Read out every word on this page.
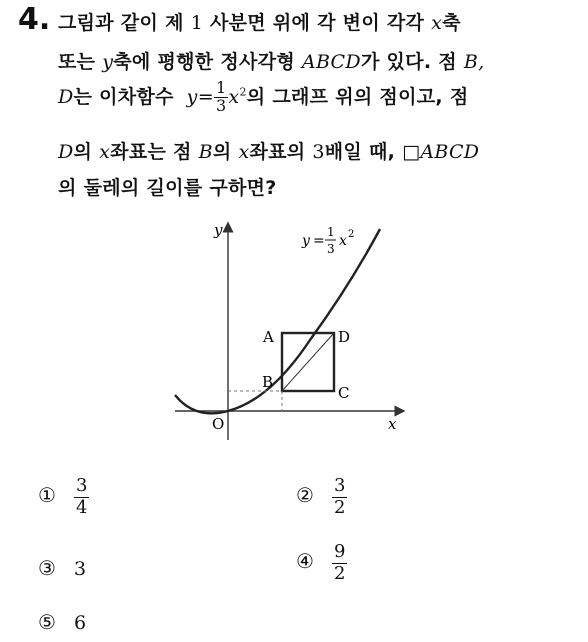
4. 그림과 같이 제 1 사분면 위에 각 변이 각각 x축
또는 y축에 평행한 정사각형 ABCD가 있다. 점 B,
D는 이차함수 $y= \frac{1}{3} x^2$의 그래프 위의 점이고, 점
D의 x좌표는 점 B의 x좌표의 3배일 때, □ABCD
의 둘레의 길이를 구하면?
y
x
O
A
B
C
D
y =
1
3 x 2
① $\frac{3}{4}$	② $\frac{3}{2}$
③ 3	④ $\frac{9}{2}$
⑤ 6
